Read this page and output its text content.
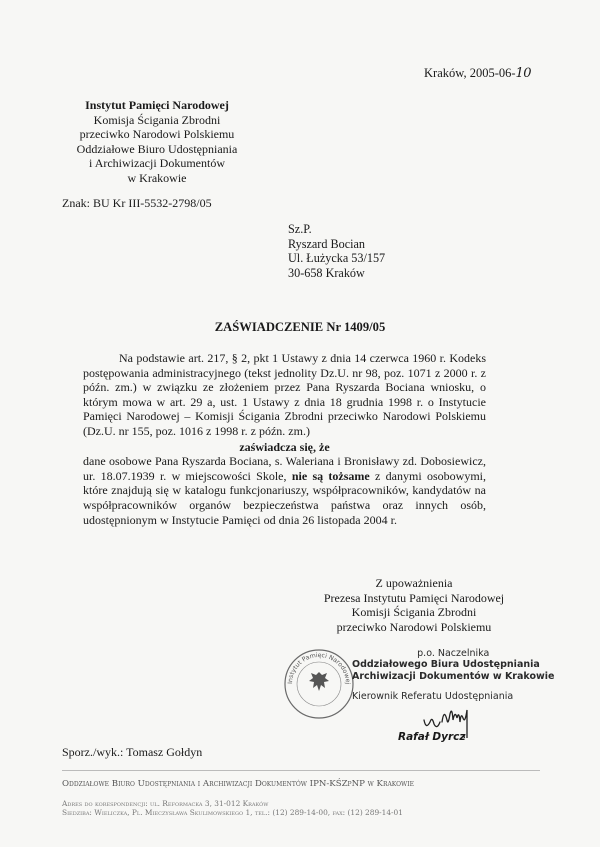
Kraków, 2005-06-10
Instytut Pamięci Narodowej
Komisja Ścigania Zbrodni
przeciwko Narodowi Polskiemu
Oddziałowe Biuro Udostępniania
i Archiwizacji Dokumentów
w Krakowie
Znak: BU Kr III-5532-2798/05
Sz.P.
Ryszard Bocian
Ul. Łużycka 53/157
30-658 Kraków
ZAŚWIADCZENIE Nr 1409/05

Na podstawie art. 217, § 2, pkt 1 Ustawy z dnia 14 czerwca 1960 r. Kodeks postępowania administracyjnego (tekst jednolity Dz.U. nr 98, poz. 1071 z 2000 r. z późn. zm.) w związku ze złożeniem przez Pana Ryszarda Bociana wniosku, o którym mowa w art. 29 a, ust. 1 Ustawy z dnia 18 grudnia 1998 r. o Instytucie Pamięci Narodowej – Komisji Ścigania Zbrodni przeciwko Narodowi Polskiemu (Dz.U. nr 155, poz. 1016 z 1998 r. z późn. zm.)

zaświadcza się, że

dane osobowe Pana Ryszarda Bociana, s. Waleriana i Bronisławy zd. Dobosiewicz, ur. 18.07.1939 r. w miejscowości Skole, nie są tożsame z danymi osobowymi, które znajdują się w katalogu funkcjonariuszy, współpracowników, kandydatów na współpracowników organów bezpieczeństwa państwa oraz innych osób, udostępnionym w Instytucie Pamięci od dnia 26 listopada 2004 r.

Z upoważnienia
Prezesa Instytutu Pamięci Narodowej
Komisji Ścigania Zbrodni
przeciwko Narodowi Polskiemu
Instytut Pamięci Narodowej
p.o. Naczelnika
Oddziałowego Biura Udostępniania
Archiwizacji Dokumentów w Krakowie
Kierownik Referatu Udostępniania
Rafał Dyrcz
Sporz./wyk.: Tomasz Gołdyn
Oddziałowe Biuro Udostępniania i Archiwizacji Dokumentów IPN-KŚZpNP w Krakowie
Adres do korespondencji: ul. Reformacka 3, 31-012 Kraków
Siedziba: Wieliczka, Pl. Mieczysława Skulimowskiego 1, tel.: (12) 289-14-00, fax: (12) 289-14-01
